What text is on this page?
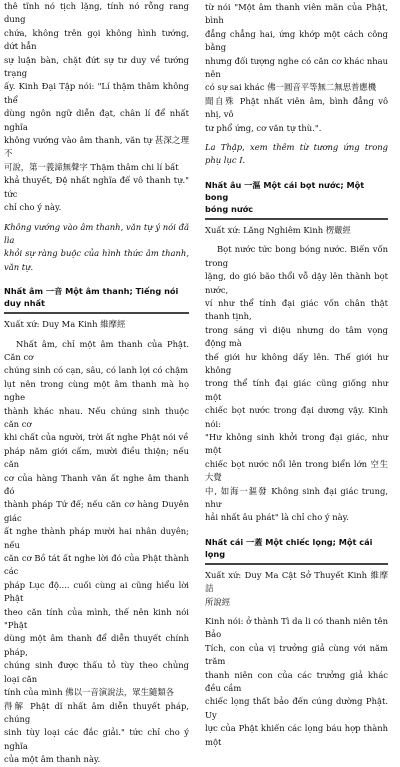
thê tĩnh nó tịch lặng, tính nó rỗng rang dung

chứa, không trên gọi không hình tướng, dứt hẳn

sự luận bàn, chặt đứt sự tư duy về tướng trạng

ấy. Kinh Đại Tập nói: "Lí thậm thâm không thể

dùng ngôn ngữ diễn đạt, chân lí để nhất nghĩa

không vướng vào âm thanh, văn tự 甚深之理不

可說，第一義諦無聲字 Thậm thâm chi lí bất

khả thuyết, Đệ nhất nghĩa đế vô thanh tự." tức

chỉ cho ý này.

Không vướng vào âm thanh, văn tự ý nói đã lìa

khỏi sự ràng buộc của hình thức âm thanh, văn tự.

Nhất âm 一音 Một âm thanh; Tiếng nói duy nhất

Xuất xứ: Duy Ma Kinh 維摩經

Nhất âm, chỉ một âm thanh của Phật. Căn cơ

chúng sinh có cạn, sâu, có lanh lợi có chậm

lụt nên trong cùng một âm thanh mà họ nghe

thành khác nhau. Nếu chúng sinh thuộc căn cơ

khi chất của người, trời ất nghe Phật nói về

pháp năm giới cấm, mười điều thiện; nếu căn

cơ của hàng Thanh văn ất nghe âm thanh đó

thành pháp Tứ đế; nếu căn cơ hàng Duyên giác

ất nghe thành pháp mười hai nhân duyên; nếu

căn cơ Bồ tát ất nghe lời đó của Phật thành các

pháp Lục độ.... cuối cùng ai cũng hiểu lời Phật

theo căn tính của mình, thế nên kinh nói "Phật

dùng một âm thanh để diễn thuyết chính pháp,

chúng sinh được thấu tỏ tùy theo chủng loại căn

tính của mình 佛以一音演說法，眾生隨類各

得解 Phật dĩ nhất âm diễn thuyết pháp, chúng

sinh tùy loại các đắc giải." tức chỉ cho ý nghĩa

của một âm thanh này.

từ nói "Một âm thanh viên mãn của Phật, bình

đẳng chẳng hai, ứng khớp một cách công bằng

nhưng đối tượng nghe có căn cơ khác nhau nên

có sự sai khác 佛一圓音平等無二無思普應機

聞自殊 Phật nhất viên âm, bình đẳng vô nhị, vô

tư phổ ứng, cơ văn tự thù.".

La Thập, xem thêm từ tương ứng trong phụ lục I.

Nhất âu 一漚 Một cái bọt nước; Một bong

bóng nước

Xuất xứ: Lăng Nghiêm Kinh 楞嚴經

Bọt nước tức bong bóng nước. Biến vốn trong

lặng, do gió bão thổi vỗ dậy lên thành bọt nước,

ví như thể tính đại giác vốn chân thật thanh tịnh,

trong sáng vì diệu nhưng do tâm vọng động mà

thế giới hư không dấy lên. Thế giới hư không

trong thể tính đại giác cũng giống như một

chiếc bọt nước trong đại dương vậy. Kinh nói:

"Hư không sinh khởi trong đại giác, như một

chiếc bọt nước nổi lên trong biển lớn 空生大覺

中, 如海一漚發 Không sinh đại giác trung, như

hải nhất âu phát" là chỉ cho ý này.

Nhất cái 一蓋 Một chiếc lọng; Một cái lọng

Xuất xứ: Duy Ma Cật Sở Thuyết Kinh 維摩詰

所說經

Kinh nói: ở thành Tì da li có thanh niên tên Bảo

Tích, con của vị trưởng giả cùng với năm trăm

thanh niên con của các trưởng giả khác đều cầm

chiếc lọng thất bảo đến cúng dường Phật. Uy

lực của Phật khiến các lọng báu hợp thành một
